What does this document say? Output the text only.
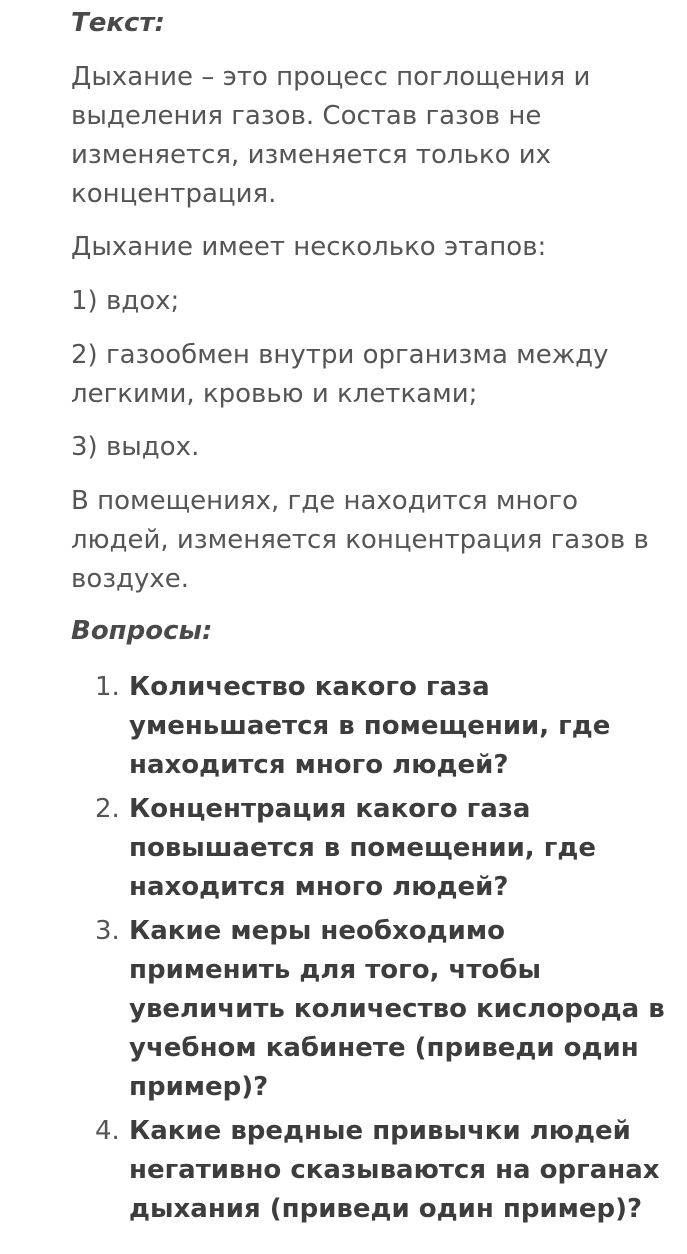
Текст:

Дыхание – это процесс поглощения и выделения газов. Состав газов не изменяется, изменяется только их концентрация.

Дыхание имеет несколько этапов:

1) вдох;

2) газообмен внутри организма между легкими, кровью и клетками;

3) выдох.

В помещениях, где находится много людей, изменяется концентрация газов в воздухе.

Вопросы:
1. Количество какого газа уменьшается в помещении, где находится много людей?
2. Концентрация какого газа повышается в помещении, где находится много людей?
3. Какие меры необходимо применить для того, чтобы увеличить количество кислорода в учебном кабинете (приведи один пример)?
4. Какие вредные привычки людей негативно сказываются на органах дыхания (приведи один пример)?
